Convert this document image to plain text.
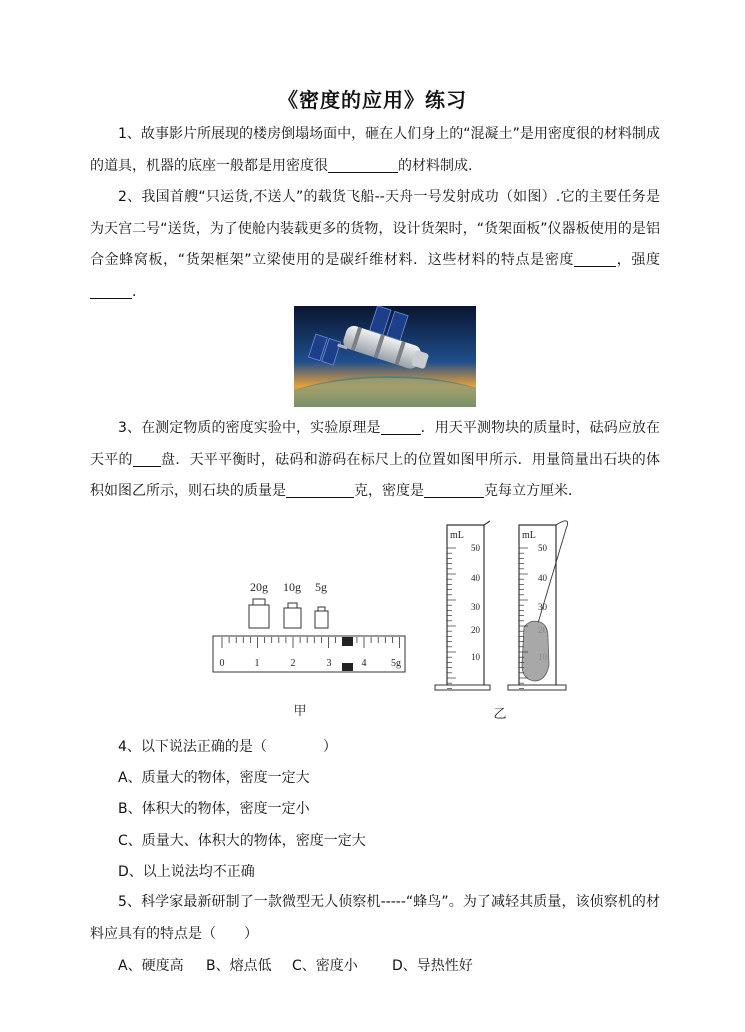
《密度的应用》练习
1、故事影片所展现的楼房倒塌场面中，砸在人们身上的“混凝土”是用密度很的材料制成的道具，机器的底座一般都是用密度很	的材料制成.
2、我国首艘“只运货,不送人”的载货飞船--天舟一号发射成功（如图）.它的主要任务是为天宫二号“送货，为了使舱内装载更多的货物，设计货架时，“货架面板”仪器板使用的是铝合金蜂窝板，“货架框架”立梁使用的是碳纤维材料．这些材料的特点是密度	，强度.
3、在测定物质的密度实验中，实验原理是	．用天平测物块的质量时，砝码应放在天平的 盘．天平平衡时，砝码和游码在标尺上的位置如图甲所示．用量筒量出石块的体积如图乙所示，则石块的质量是	克，密度是	克每立方厘米．
20g 10g 5g
0	1	2	3	4 5g
mL
50
40
30
20
10
mL
50
40
30
甲	乙
4、以下说法正确的是（　　　　）
A、质量大的物体，密度一定大
B、体积大的物体，密度一定小
C、质量大、体积大的物体，密度一定大
D、以上说法均不正确
5、科学家最新研制了一款微型无人侦察机-----“蜂鸟”。为了减轻其质量，该侦察机的材料应具有的特点是（　　）
A、硬度高 B、熔点低 C、密度小 D、导热性好
